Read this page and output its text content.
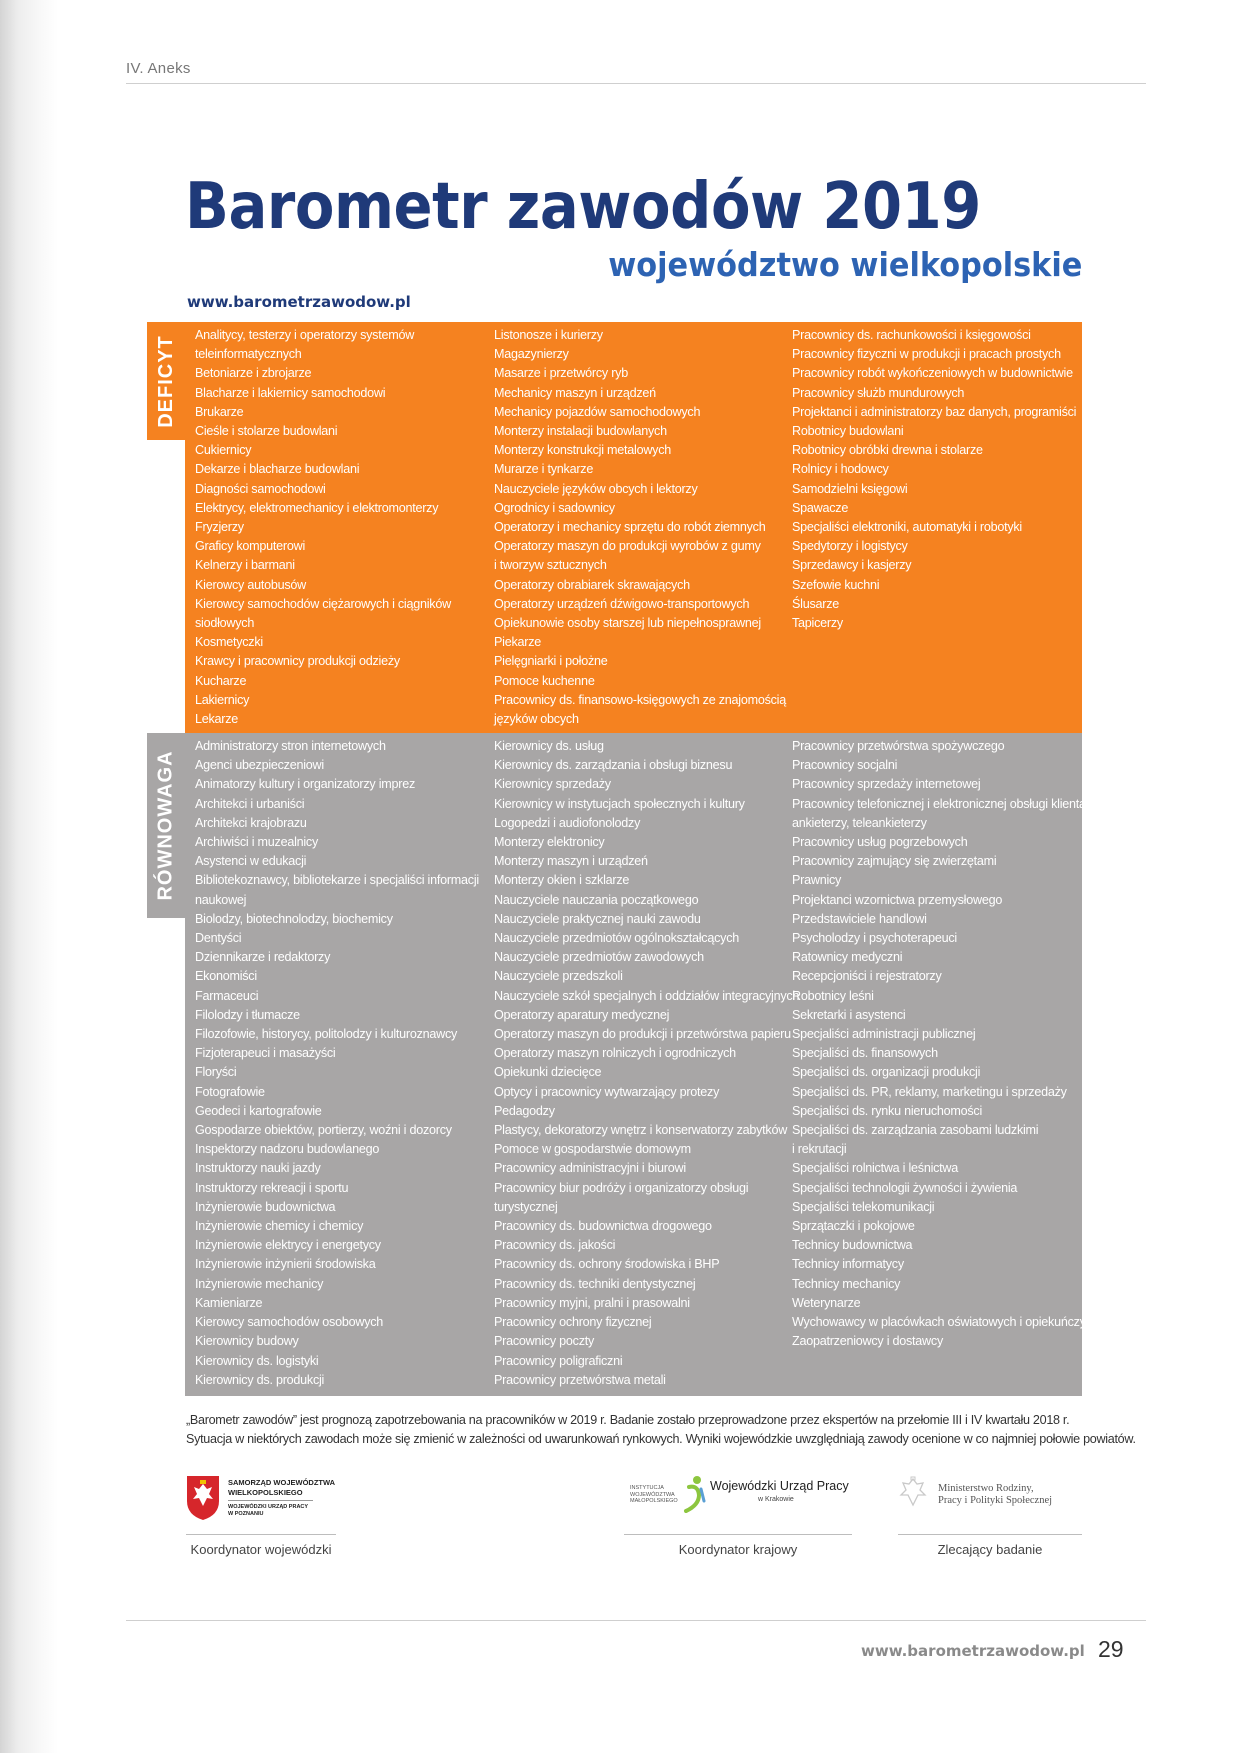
IV. Aneks
Barometr zawodów 2019
województwo wielkopolskie
www.barometrzawodow.pl
DEFICYT Analitycy, testerzy i operatorzy systemów
teleinformatycznych
Betoniarze i zbrojarze
Blacharze i lakiernicy samochodowi
Brukarze
Cieśle i stolarze budowlani
Cukiernicy
Dekarze i blacharze budowlani
Diagności samochodowi
Elektrycy, elektromechanicy i elektromonterzy
Fryzjerzy
Graficy komputerowi
Kelnerzy i barmani
Kierowcy autobusów
Kierowcy samochodów ciężarowych i ciągników
siodłowych
Kosmetyczki
Krawcy i pracownicy produkcji odzieży
Kucharze
Lakiernicy
Lekarze
Listonosze i kurierzy
Magazynierzy
Masarze i przetwórcy ryb
Mechanicy maszyn i urządzeń
Mechanicy pojazdów samochodowych
Monterzy instalacji budowlanych
Monterzy konstrukcji metalowych
Murarze i tynkarze
Nauczyciele języków obcych i lektorzy
Ogrodnicy i sadownicy
Operatorzy i mechanicy sprzętu do robót ziemnych
Operatorzy maszyn do produkcji wyrobów z gumy
i tworzyw sztucznych
Operatorzy obrabiarek skrawających
Operatorzy urządzeń dźwigowo-transportowych
Opiekunowie osoby starszej lub niepełnosprawnej
Piekarze
Pielęgniarki i położne
Pomoce kuchenne
Pracownicy ds. finansowo-księgowych ze znajomością
języków obcych
Pracownicy ds. rachunkowości i księgowości
Pracownicy fizyczni w produkcji i pracach prostych
Pracownicy robót wykończeniowych w budownictwie
Pracownicy służb mundurowych
Projektanci i administratorzy baz danych, programiści
Robotnicy budowlani
Robotnicy obróbki drewna i stolarze
Rolnicy i hodowcy
Samodzielni księgowi
Spawacze
Specjaliści elektroniki, automatyki i robotyki
Spedytorzy i logistycy
Sprzedawcy i kasjerzy
Szefowie kuchni
Ślusarze
Tapicerzy
RÓWNOWAGA
Administratorzy stron internetowych
Agenci ubezpieczeniowi
Animatorzy kultury i organizatorzy imprez
Architekci i urbaniści
Architekci krajobrazu
Archiwiści i muzealnicy
Asystenci w edukacji
Bibliotekoznawcy, bibliotekarze i specjaliści informacji
naukowej
Biolodzy, biotechnolodzy, biochemicy
Dentyści
Dziennikarze i redaktorzy
Ekonomiści
Farmaceuci
Filolodzy i tłumacze
Filozofowie, historycy, politolodzy i kulturoznawcy
Fizjoterapeuci i masażyści
Floryści
Fotografowie
Geodeci i kartografowie
Gospodarze obiektów, portierzy, woźni i dozorcy
Inspektorzy nadzoru budowlanego
Instruktorzy nauki jazdy
Instruktorzy rekreacji i sportu
Inżynierowie budownictwa
Inżynierowie chemicy i chemicy
Inżynierowie elektrycy i energetycy
Inżynierowie inżynierii środowiska
Inżynierowie mechanicy
Kamieniarze
Kierowcy samochodów osobowych
Kierownicy budowy
Kierownicy ds. logistyki
Kierownicy ds. produkcji
Kierownicy ds. usług
Kierownicy ds. zarządzania i obsługi biznesu
Kierownicy sprzedaży
Kierownicy w instytucjach społecznych i kultury
Logopedzi i audiofonolodzy
Monterzy elektronicy
Monterzy maszyn i urządzeń
Monterzy okien i szklarze
Nauczyciele nauczania początkowego
Nauczyciele praktycznej nauki zawodu
Nauczyciele przedmiotów ogólnokształcących
Nauczyciele przedmiotów zawodowych
Nauczyciele przedszkoli
Nauczyciele szkół specjalnych i oddziałów integracyjnych
Operatorzy aparatury medycznej
Operatorzy maszyn do produkcji i przetwórstwa papieru
Operatorzy maszyn rolniczych i ogrodniczych
Opiekunki dziecięce
Optycy i pracownicy wytwarzający protezy
Pedagodzy
Plastycy, dekoratorzy wnętrz i konserwatorzy zabytków
Pomoce w gospodarstwie domowym
Pracownicy administracyjni i biurowi
Pracownicy biur podróży i organizatorzy obsługi
turystycznej
Pracownicy ds. budownictwa drogowego
Pracownicy ds. jakości
Pracownicy ds. ochrony środowiska i BHP
Pracownicy ds. techniki dentystycznej
Pracownicy myjni, pralni i prasowalni
Pracownicy ochrony fizycznej
Pracownicy poczty
Pracownicy poligraficzni
Pracownicy przetwórstwa metali
Pracownicy przetwórstwa spożywczego
Pracownicy socjalni
Pracownicy sprzedaży internetowej
Pracownicy telefonicznej i elektronicznej obsługi klienta,
ankieterzy, teleankieterzy
Pracownicy usług pogrzebowych
Pracownicy zajmujący się zwierzętami
Prawnicy
Projektanci wzornictwa przemysłowego
Przedstawiciele handlowi
Psycholodzy i psychoterapeuci
Ratownicy medyczni
Recepcjoniści i rejestratorzy
Robotnicy leśni
Sekretarki i asystenci
Specjaliści administracji publicznej
Specjaliści ds. finansowych
Specjaliści ds. organizacji produkcji
Specjaliści ds. PR, reklamy, marketingu i sprzedaży
Specjaliści ds. rynku nieruchomości
Specjaliści ds. zarządzania zasobami ludzkimi
i rekrutacji
Specjaliści rolnictwa i leśnictwa
Specjaliści technologii żywności i żywienia
Specjaliści telekomunikacji
Sprzątaczki i pokojowe
Technicy budownictwa
Technicy informatycy
Technicy mechanicy
Weterynarze
Wychowawcy w placówkach oświatowych i opiekuńczych
Zaopatrzeniowcy i dostawcy
„Barometr zawodów” jest prognozą zapotrzebowania na pracowników w 2019 r. Badanie zostało przeprowadzone przez ekspertów na przełomie III i IV kwartału 2018 r.
Sytuacja w niektórych zawodach może się zmienić w zależności od uwarunkowań rynkowych. Wyniki wojewódzkie uwzględniają zawody ocenione w co najmniej połowie powiatów.
SAMORZĄD WOJEWÓDZTWA
WIELKOPOLSKIEGO
WOJEWÓDZKI URZĄD PRACY
W POZNANIU
Koordynator wojewódzki
INSTYTUCJA
WOJEWÓDZTWA
MAŁOPOLSKIEGO
Wojewódzki Urząd Pracy
w Krakowie
Koordynator krajowy
Ministerstwo Rodziny,
Pracy i Polityki Społecznej
Zlecający badanie
www.barometrzawodow.pl 29
